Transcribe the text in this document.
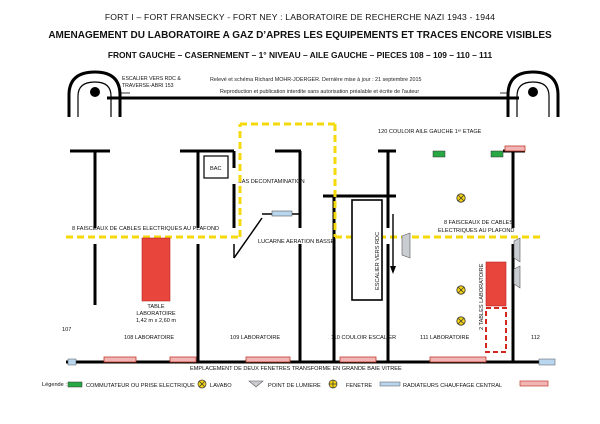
FORT I – FORT FRANSECKY - FORT NEY : LABORATOIRE DE RECHERCHE NAZI 1943 - 1944
AMENAGEMENT DU LABORATOIRE A GAZ D’APRES LES EQUIPEMENTS ET TRACES ENCORE VISIBLES
FRONT GAUCHE – CASERNEMENT – 1° NIVEAU – AILE GAUCHE – PIECES 108 – 109 – 110 – 111
Relevé et schéma Richard MOHR-JOERGER. Dernière mise à jour : 21 septembre 2015
Reproduction et publication interdite sans autorisation préalable et écrite de l'auteur
ESCALIER VERS RDC &
TRAVERSE-ABRI 153
120 COULOIR AILE GAUCHE 1ᵉʳ ETAGE
BAC
SAS DECONTAMINATION
8 FAISCEAUX DE CABLES ELECTRIQUES AU PLAFOND
8 FAISCEAUX DE CABLES
ELECTRIQUES AU PLAFOND
LUCARNE AERATION BASSE	ESCALIER VERS RDC
TABLE
LABORATOIRE
1,42 m x 2,60 m	2 TABLES LABORATOIRE
107
108 LABORATOIRE	109 LABORATOIRE	110 COULOIR ESCALIER	111 LABORATOIRE	112
EMPLACEMENT DE DEUX FENETRES TRANSFORME EN GRANDE BAIE VITREE
Légende :	COMMUTATEUR OU PRISE ELECTRIQUE	LAVABO	POINT DE LUMIERE	FENETRE	RADIATEURS CHAUFFAGE CENTRAL
